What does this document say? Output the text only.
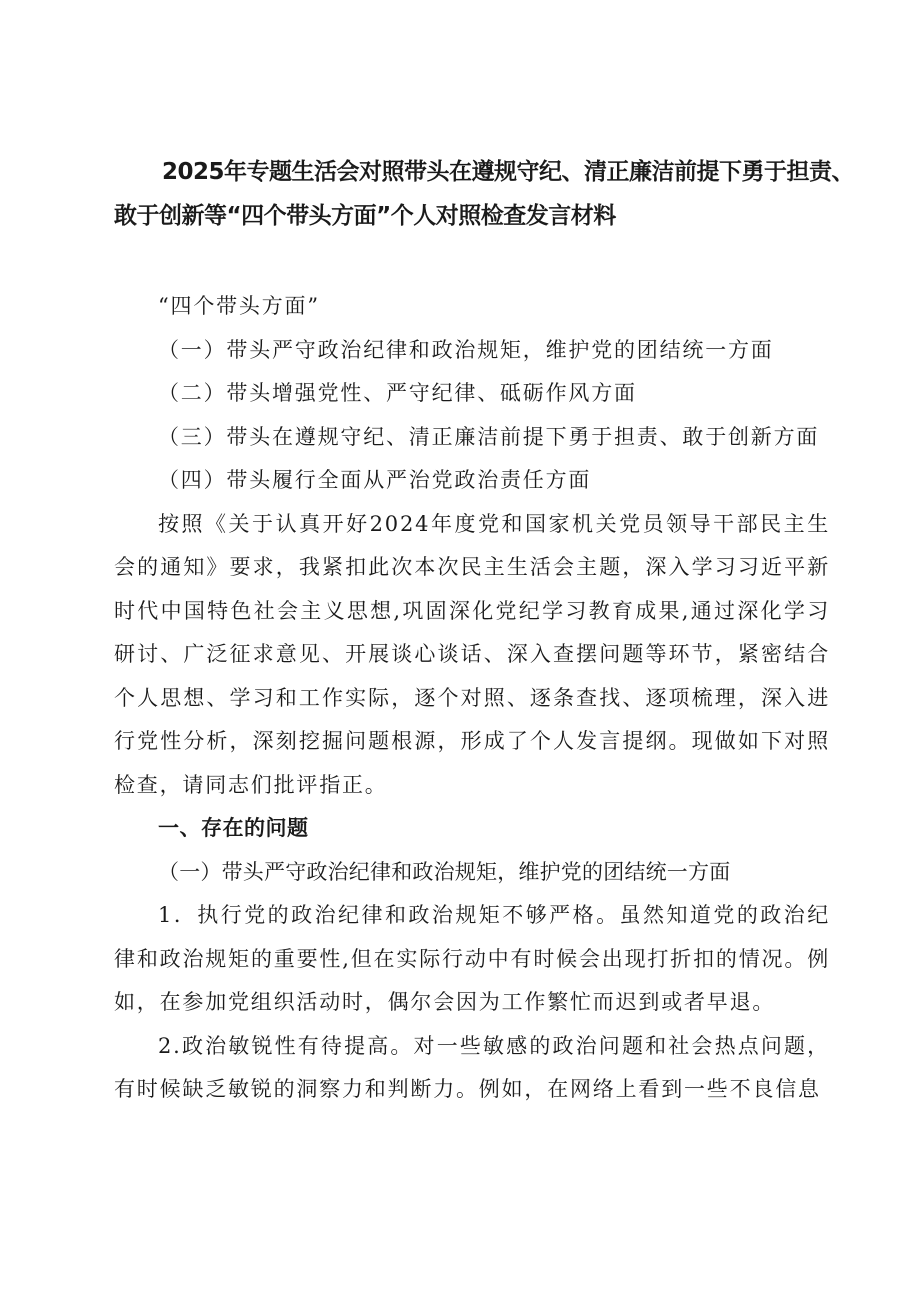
2025年专题生活会对照带头在遵规守纪、清正廉洁前提下勇于担责、
敢于创新等“四个带头方面”个人对照检查发言材料

“四个带头方面”

（一）带头严守政治纪律和政治规矩，维护党的团结统一方面

（二）带头增强党性、严守纪律、砥砺作风方面

（三）带头在遵规守纪、清正廉洁前提下勇于担责、敢于创新方面

（四）带头履行全面从严治党政治责任方面

按照《关于认真开好2024年度党和国家机关党员领导干部民主生会的通知》要求，我紧扣此次本次民主生活会主题，深入学习习近平新时代中国特色社会主义思想,巩固深化党纪学习教育成果,通过深化学习研讨、广泛征求意见、开展谈心谈话、深入查摆问题等环节，紧密结合个人思想、学习和工作实际，逐个对照、逐条查找、逐项梳理，深入进行党性分析，深刻挖掘问题根源，形成了个人发言提纲。现做如下对照检查，请同志们批评指正。

一、存在的问题

（一）带头严守政治纪律和政治规矩，维护党的团结统一方面

1．执行党的政治纪律和政治规矩不够严格。虽然知道党的政治纪律和政治规矩的重要性,但在实际行动中有时候会出现打折扣的情况。例如，在参加党组织活动时，偶尔会因为工作繁忙而迟到或者早退。

2.政治敏锐性有待提高。对一些敏感的政治问题和社会热点问题，有时候缺乏敏锐的洞察力和判断力。例如，在网络上看到一些不良信息
